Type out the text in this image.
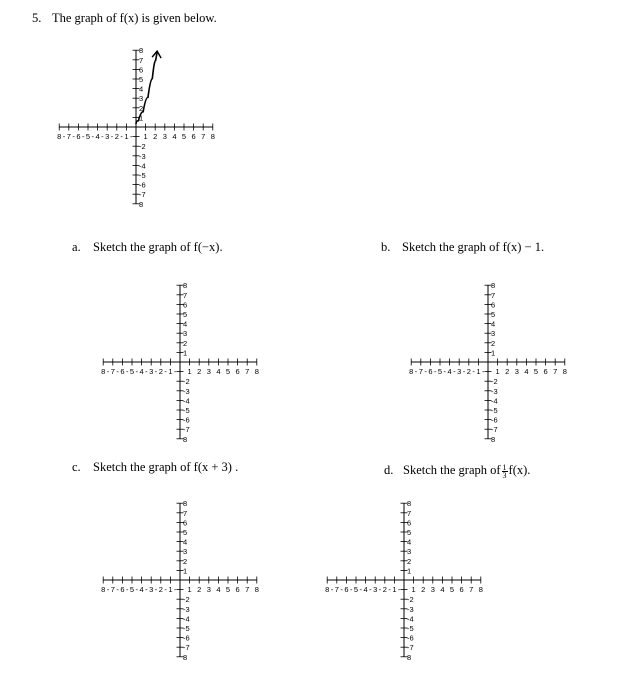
5. The graph of f(x) is given below.
8 - 7 - 6 - 5 - 4 - 3 - 2 - 1 - 1 2 3 4 5 6 7 8
8
7
6
5
4
3
2
1
-2
-3
-4
-5
-6
-7
8
a. Sketch the graph of f(−x).
8 - 7 - 6 - 5 - 4 - 3 - 2 - 1 - 1 2 3 4 5 6 7 8
8
7
6
5
4
3
2
1
-2
-3
-4
-5
-6
-7
8
b. Sketch the graph of f(x) − 1.
8 - 7 - 6 - 5 - 4 - 3 - 2 - 1 - 1 2 3 4 5 6 7 8
8
7
6
5
4
3
2
1
-2
-3
-4
-5
-6
-7
8
c. Sketch the graph of f(x + 3) .
8 - 7 - 6 - 5 - 4 - 3 - 2 - 1 - 1 2 3 4 5 6 7 8
8
7
6
5
4
3
2
1
-2
-3
-4
-5
-6
-7
8
d. Sketch the graph of $\frac{1}{3} f(x)$.
8 - 7 - 6 - 5 - 4 - 3 - 2 - 1 - 1 2 3 4 5 6 7 8
8
7
6
5
4
3
2
1
-2
-3
-4
-5
-6
-7
8
